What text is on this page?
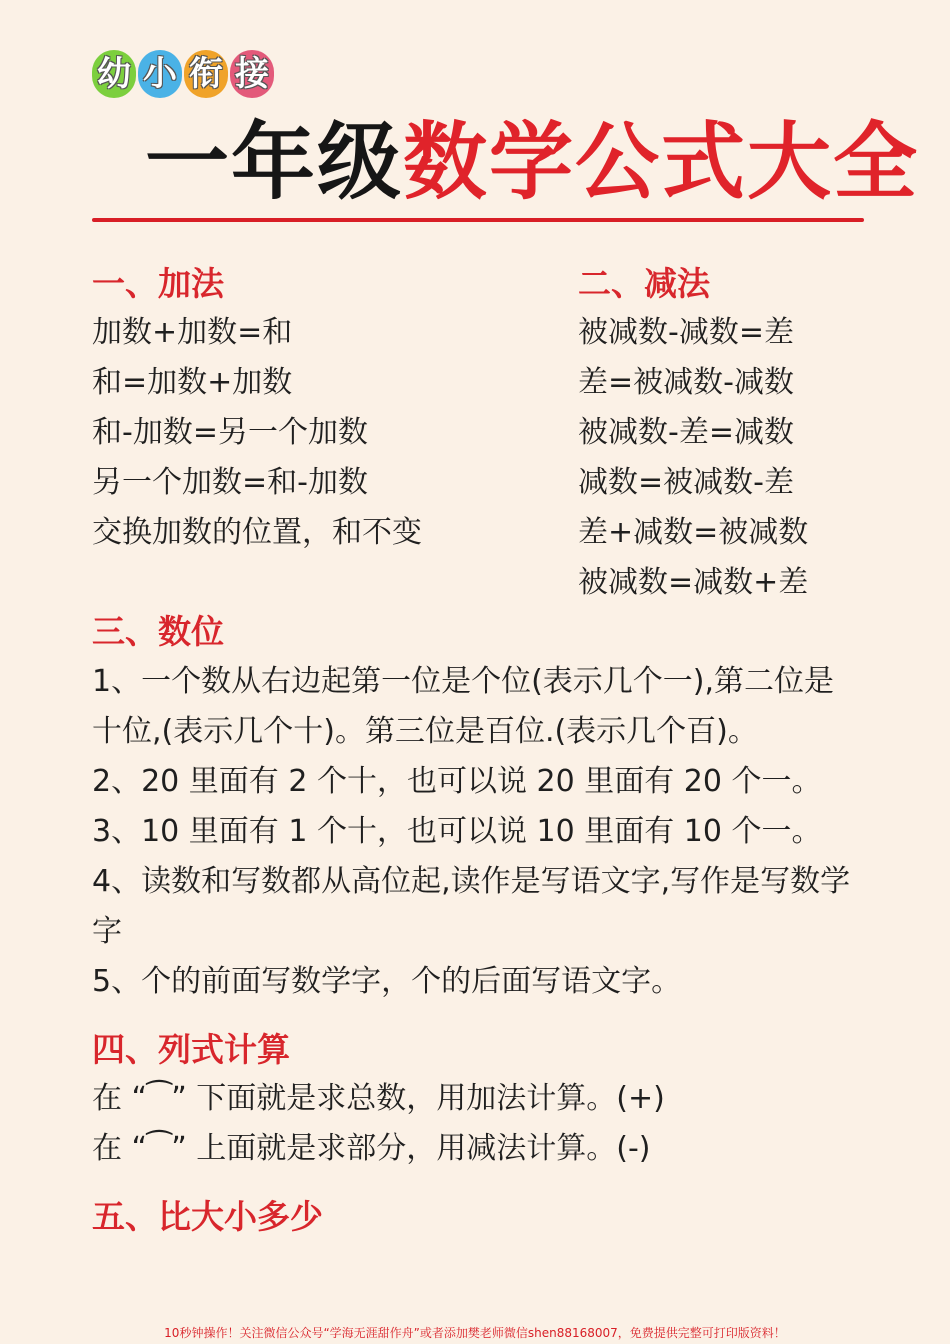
幼 小 衔 接
一年级数学公式大全
一、加法
加数+加数=和
和=加数+加数
和-加数=另一个加数
另一个加数=和-加数
交换加数的位置，和不变
二、减法
被减数-减数=差
差=被减数-减数
被减数-差=减数
减数=被减数-差
差+减数=被减数
被减数=减数+差
三、数位
1、一个数从右边起第一位是个位(表示几个一),第二位是
十位,(表示几个十)。第三位是百位.(表示几个百)。
2、20 里面有 2 个十，也可以说 20 里面有 20 个一。
3、10 里面有 1 个十，也可以说 10 里面有 10 个一。
4、读数和写数都从高位起,读作是写语文字,写作是写数学
字
5、个的前面写数学字，个的后面写语文字。
四、列式计算
在 “⁀” 下面就是求总数，用加法计算。(+)
在 “⁀” 上面就是求部分，用减法计算。(-)
五、比大小多少
10秒钟操作！关注微信公众号“学海无涯甜作舟”或者添加樊老师微信shen88168007，免费提供完整可打印版资料！
